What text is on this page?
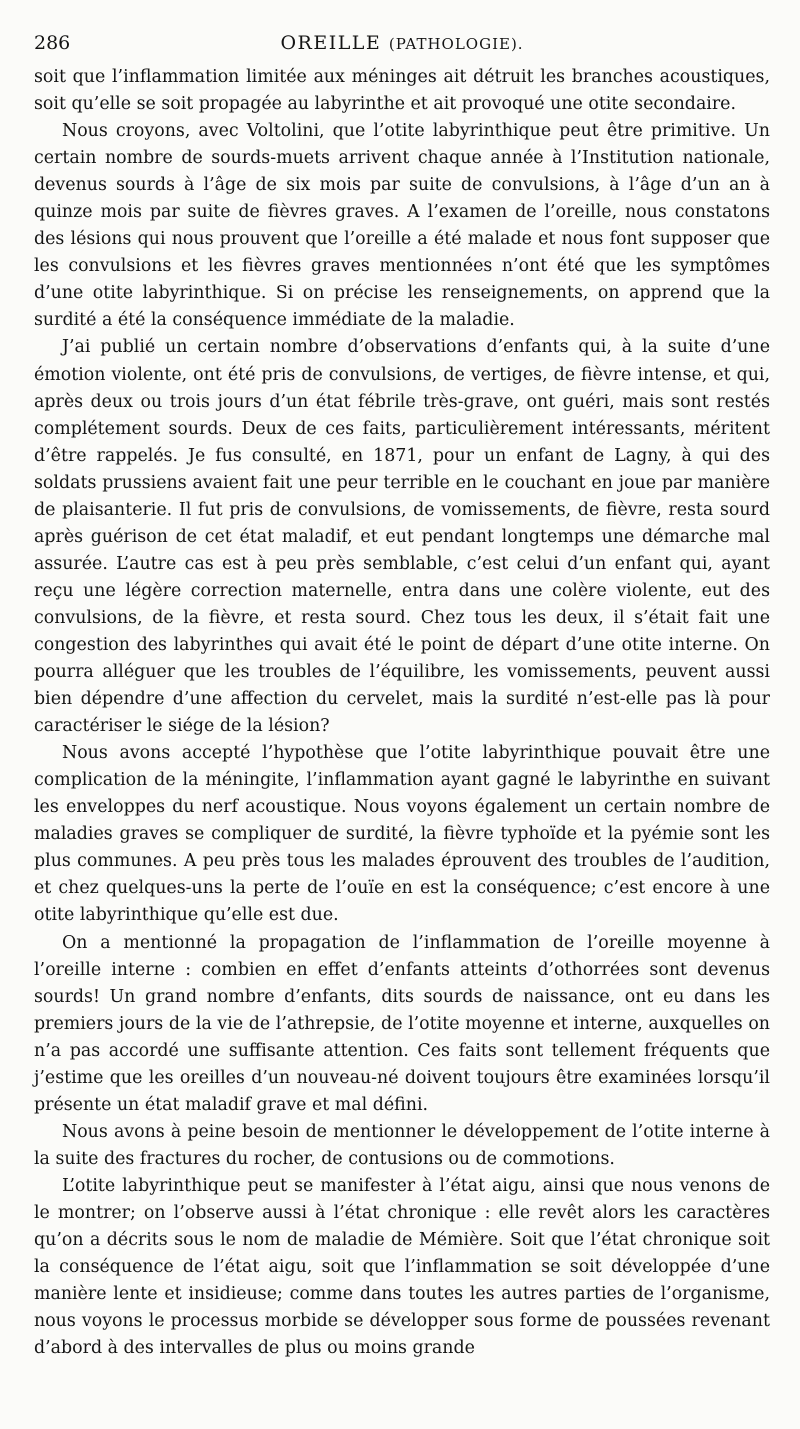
286	OREILLE (PATHOLOGIE).

soit que l’inflammation limitée aux méninges ait détruit les branches acoustiques, soit qu’elle se soit propagée au labyrinthe et ait provoqué une otite secondaire.

Nous croyons, avec Voltolini, que l’otite labyrinthique peut être primitive. Un certain nombre de sourds-muets arrivent chaque année à l’Institution nationale, devenus sourds à l’âge de six mois par suite de convulsions, à l’âge d’un an à quinze mois par suite de fièvres graves. A l’examen de l’oreille, nous constatons des lésions qui nous prouvent que l’oreille a été malade et nous font supposer que les convulsions et les fièvres graves mentionnées n’ont été que les symptômes d’une otite labyrinthique. Si on précise les renseignements, on apprend que la surdité a été la conséquence immédiate de la maladie.

J’ai publié un certain nombre d’observations d’enfants qui, à la suite d’une émotion violente, ont été pris de convulsions, de vertiges, de fièvre intense, et qui, après deux ou trois jours d’un état fébrile très-grave, ont guéri, mais sont restés complétement sourds. Deux de ces faits, particulièrement intéressants, méritent d’être rappelés. Je fus consulté, en 1871, pour un enfant de Lagny, à qui des soldats prussiens avaient fait une peur terrible en le couchant en joue par manière de plaisanterie. Il fut pris de convulsions, de vomissements, de fièvre, resta sourd après guérison de cet état maladif, et eut pendant longtemps une démarche mal assurée. L’autre cas est à peu près semblable, c’est celui d’un enfant qui, ayant reçu une légère correction maternelle, entra dans une colère violente, eut des convulsions, de la fièvre, et resta sourd. Chez tous les deux, il s’était fait une congestion des labyrinthes qui avait été le point de départ d’une otite interne. On pourra alléguer que les troubles de l’équilibre, les vomissements, peuvent aussi bien dépendre d’une affection du cervelet, mais la surdité n’est-elle pas là pour caractériser le siége de la lésion?

Nous avons accepté l’hypothèse que l’otite labyrinthique pouvait être une complication de la méningite, l’inflammation ayant gagné le labyrinthe en suivant les enveloppes du nerf acoustique. Nous voyons également un certain nombre de maladies graves se compliquer de surdité, la fièvre typhoïde et la pyémie sont les plus communes. A peu près tous les malades éprouvent des troubles de l’audition, et chez quelques-uns la perte de l’ouïe en est la conséquence; c’est encore à une otite labyrinthique qu’elle est due.

On a mentionné la propagation de l’inflammation de l’oreille moyenne à l’oreille interne : combien en effet d’enfants atteints d’othorrées sont devenus sourds! Un grand nombre d’enfants, dits sourds de naissance, ont eu dans les premiers jours de la vie de l’athrepsie, de l’otite moyenne et interne, auxquelles on n’a pas accordé une suffisante attention. Ces faits sont tellement fréquents que j’estime que les oreilles d’un nouveau-né doivent toujours être examinées lorsqu’il présente un état maladif grave et mal défini.

Nous avons à peine besoin de mentionner le développement de l’otite interne à la suite des fractures du rocher, de contusions ou de commotions.

L’otite labyrinthique peut se manifester à l’état aigu, ainsi que nous venons de le montrer; on l’observe aussi à l’état chronique : elle revêt alors les caractères qu’on a décrits sous le nom de maladie de Mémière. Soit que l’état chronique soit la conséquence de l’état aigu, soit que l’inflammation se soit développée d’une manière lente et insidieuse; comme dans toutes les autres parties de l’organisme, nous voyons le processus morbide se développer sous forme de poussées revenant d’abord à des intervalles de plus ou moins grande
